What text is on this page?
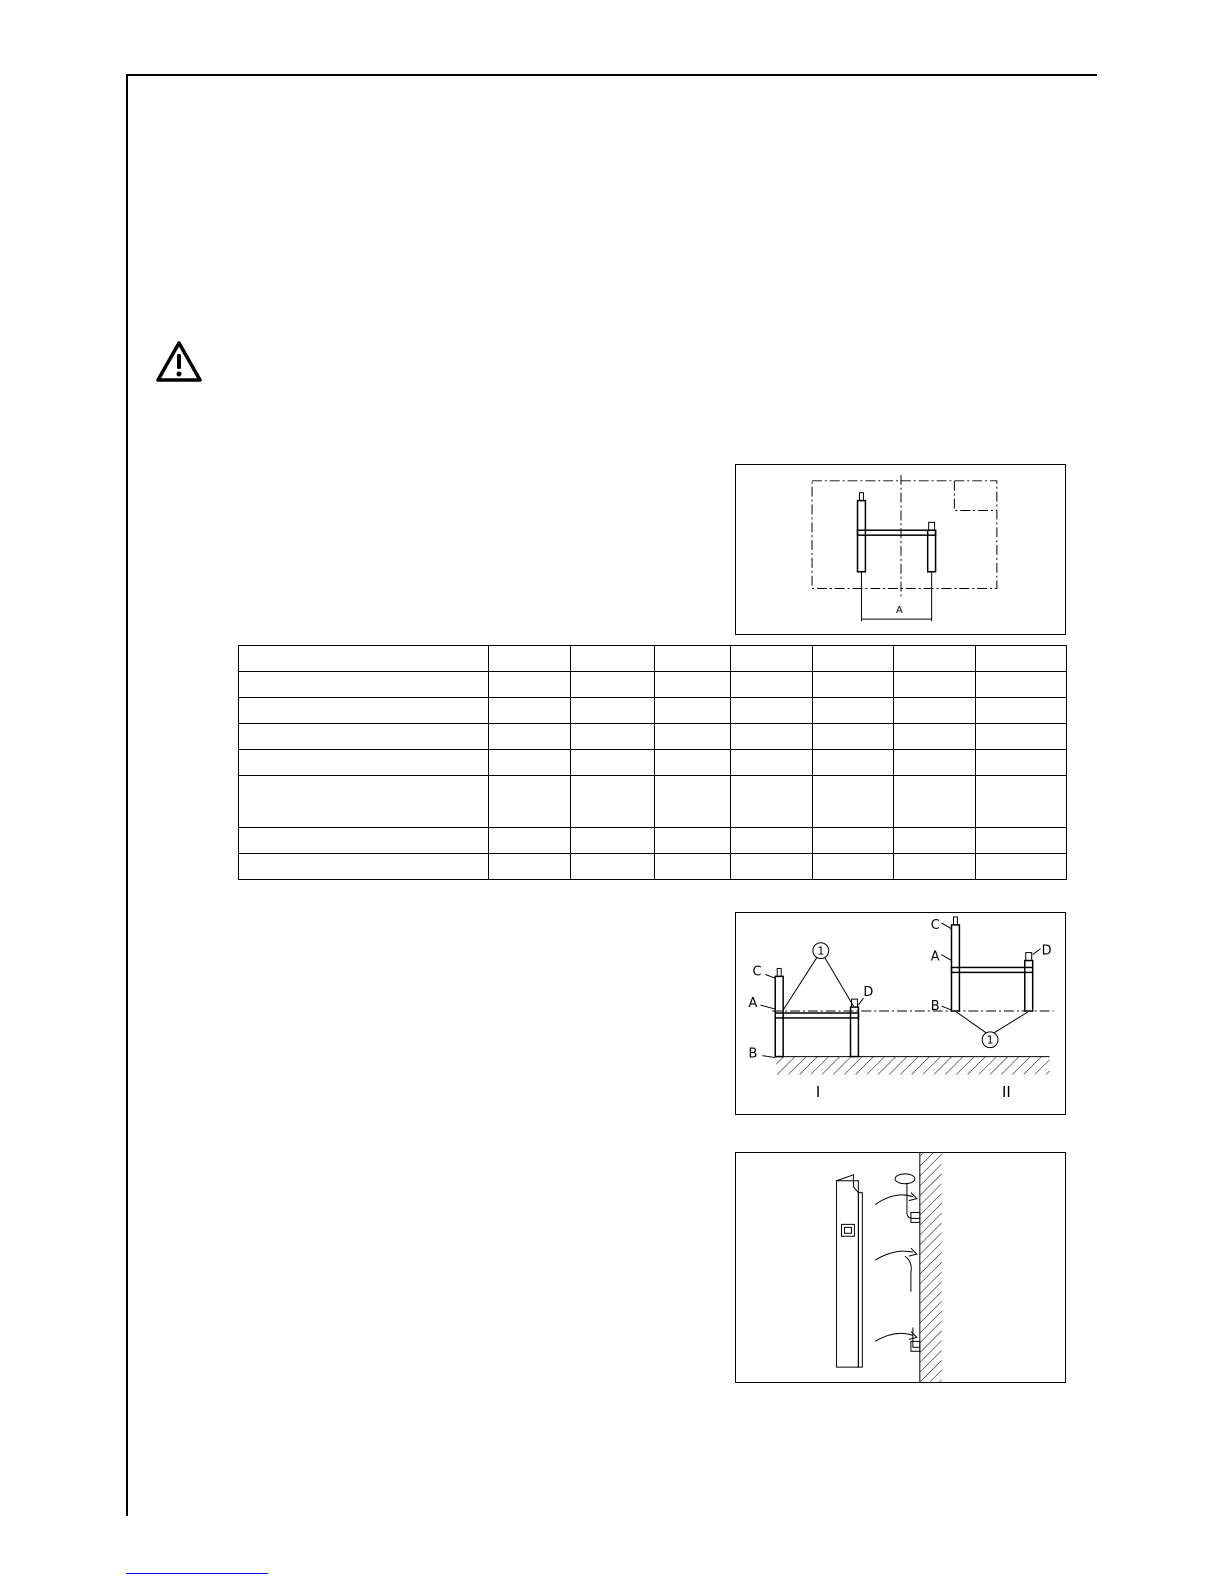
A

C
A
D
B
C
A	D
B
1
1
I	II
